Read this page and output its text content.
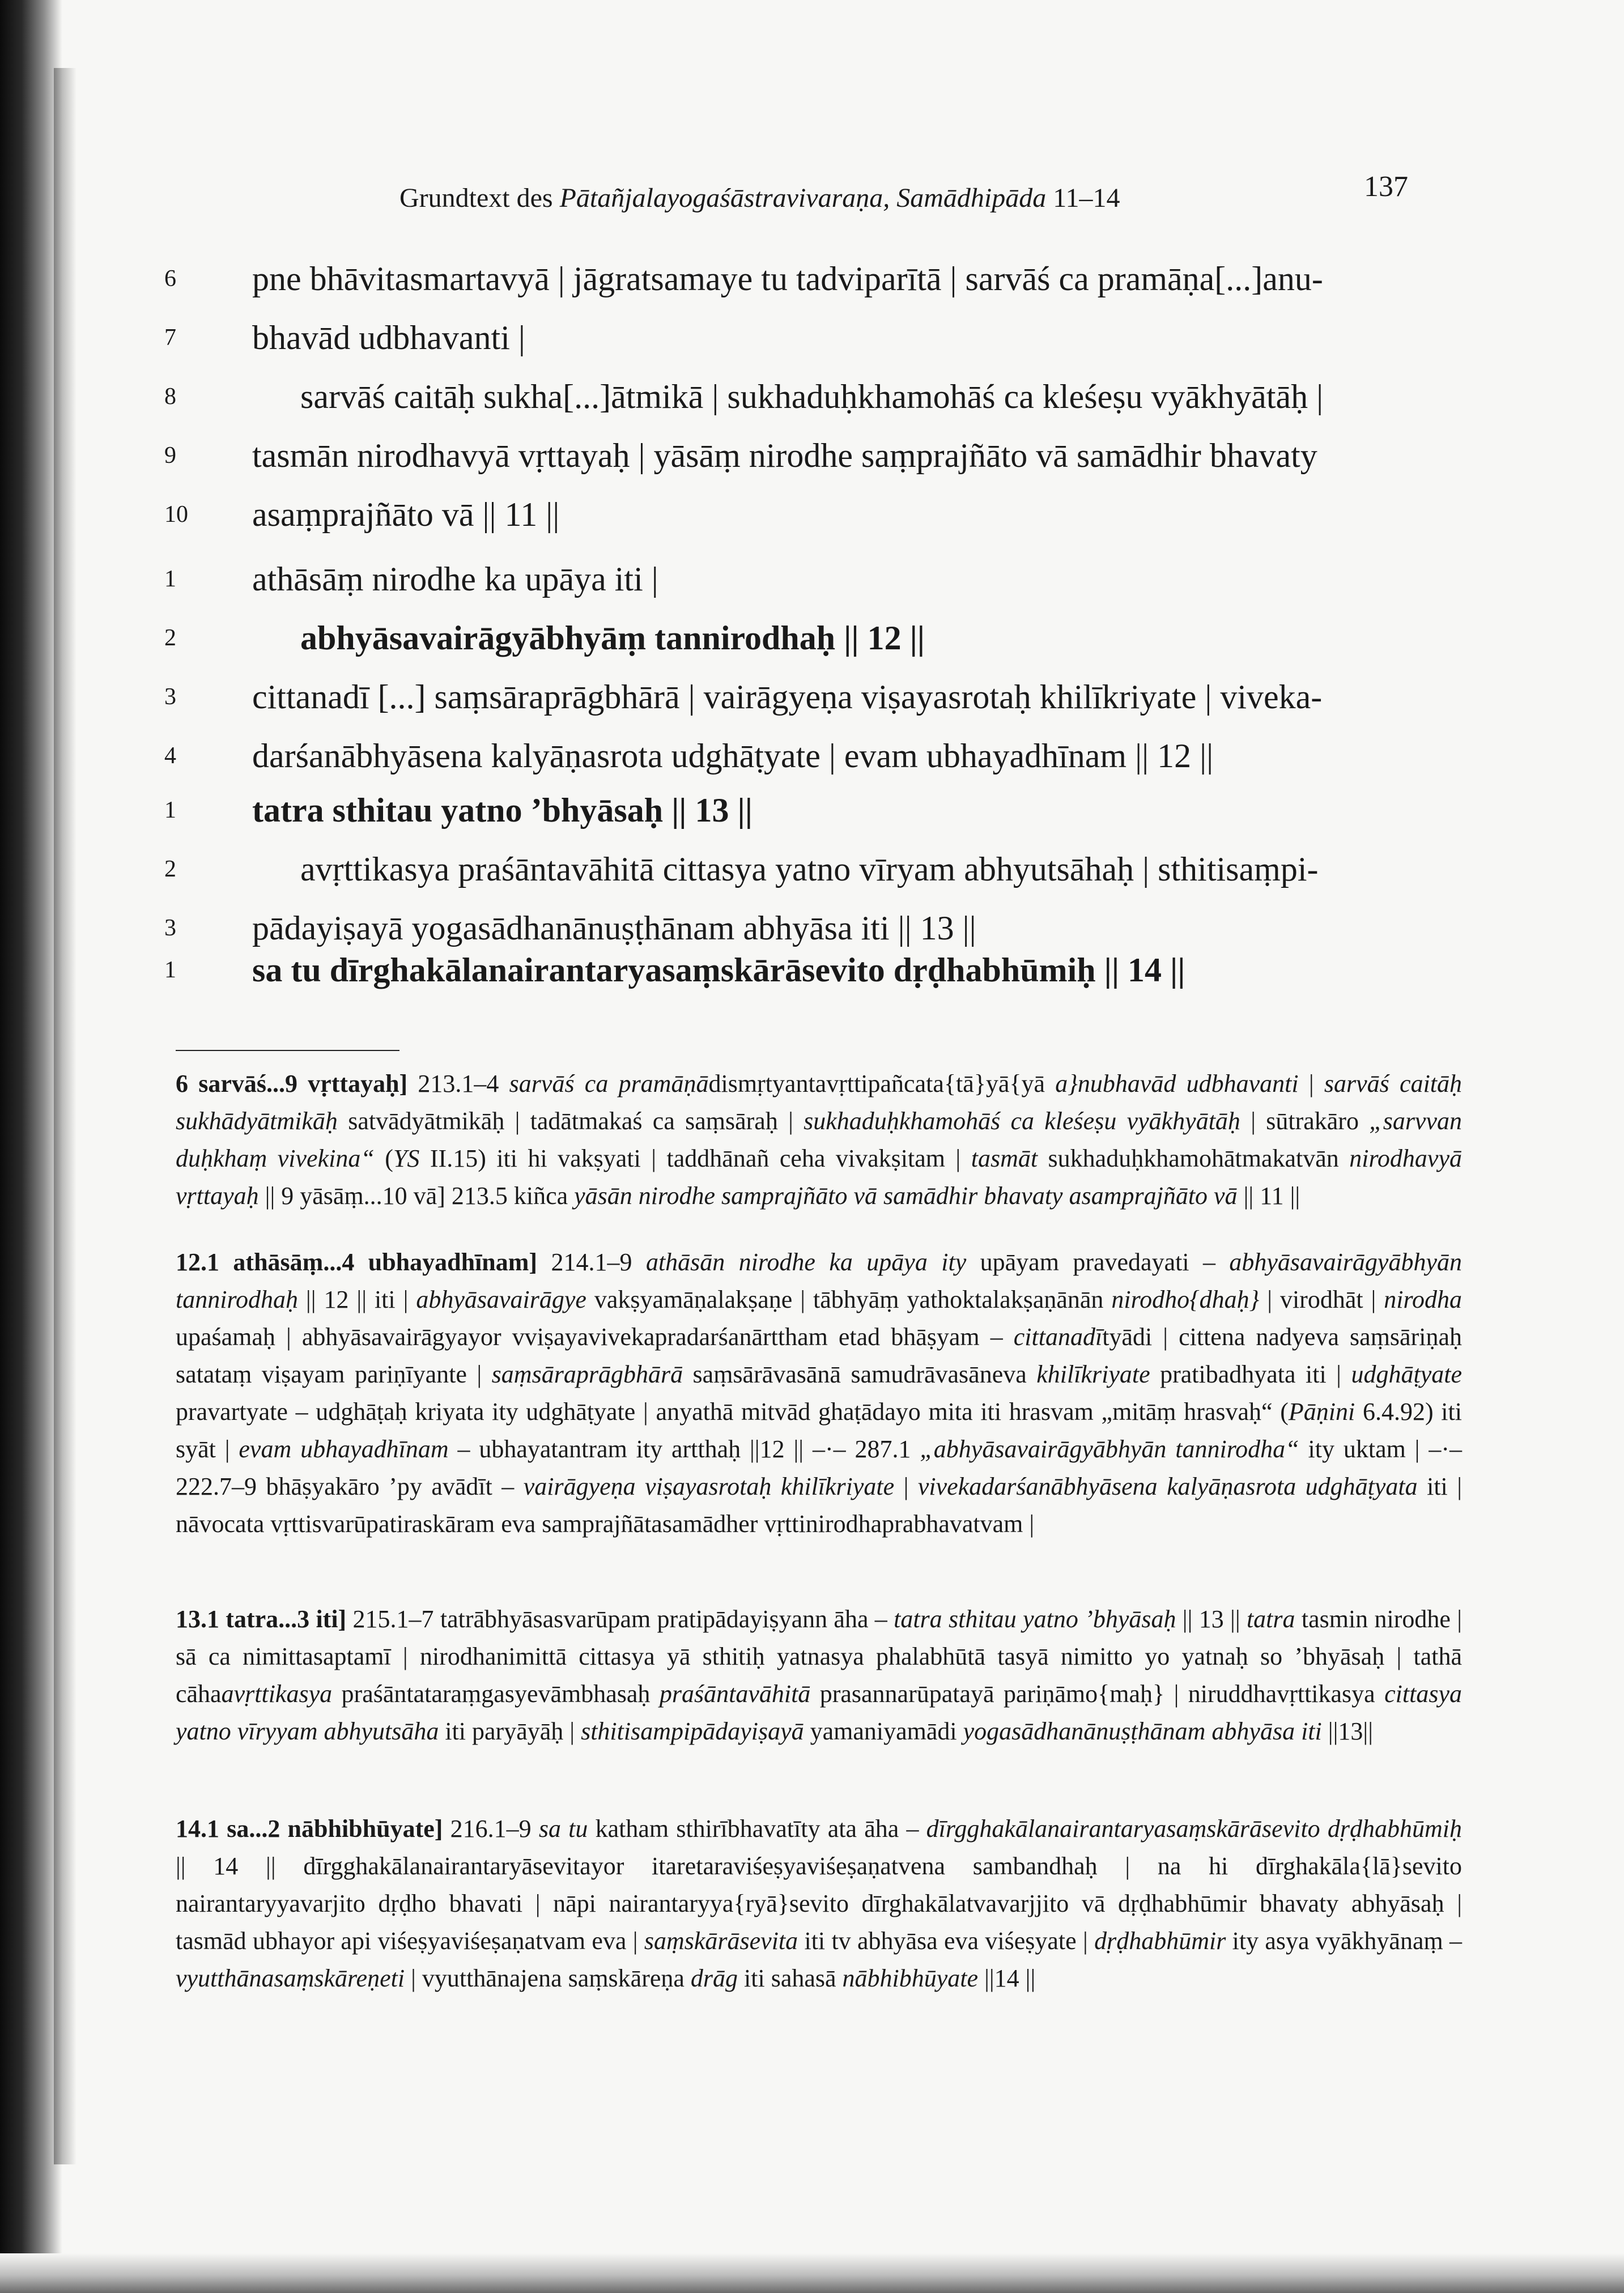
Grundtext des Pātañjalayogaśāstravivaraṇa, Samādhipāda 11–14	137
6	pne bhāvitasmartavyā | jāgratsamaye tu tadviparītā | sarvāś ca pramāṇa[...]anu-
7	bhavād udbhavanti |
8	sarvāś caitāḥ sukha[...]ātmikā | sukhaduḥkhamohāś ca kleśeṣu vyākhyātāḥ |
9	tasmān nirodhavyā vṛttayaḥ | yāsāṃ nirodhe saṃprajñāto vā samādhir bhavaty
10	asaṃprajñāto vā || 11 ||
1	athāsāṃ nirodhe ka upāya iti |
2	abhyāsavairāgyābhyāṃ tannirodhaḥ || 12 ||
3	cittanadī [...] saṃsāraprāgbhārā | vairāgyeṇa viṣayasrotaḥ khilīkriyate | viveka-
4	darśanābhyāsena kalyāṇasrota udghāṭyate | evam ubhayadhīnam || 12 ||
1	tatra sthitau yatno ’bhyāsaḥ || 13 ||
2	avṛttikasya praśāntavāhitā cittasya yatno vīryam abhyutsāhaḥ | sthitisaṃpi-
3	pādayiṣayā yogasādhanānuṣṭhānam abhyāsa iti || 13 ||
1	sa tu dīrghakālanairantaryasaṃskārāsevito dṛḍhabhūmiḥ || 14 ||
6 sarvāś...9 vṛttayaḥ] 213.1–4 sarvāś ca pramāṇādismṛtyantavṛttipañcata{tā}yā{yā a}nubhavād udbhavanti | sarvāś caitāḥ sukhādyātmikāḥ satvādyātmikāḥ | tadātmakaś ca saṃsāraḥ | sukhaduḥkhamohāś ca kleśeṣu vyākhyātāḥ | sūtrakāro „sarvvan duḥkhaṃ vivekina“ (YS II.15) iti hi vakṣyati | taddhānañ ceha vivakṣitam | tasmāt sukhaduḥkhamohātmakatvān nirodhavyā vṛttayaḥ || 9 yāsāṃ...10 vā] 213.5 kiñca yāsān nirodhe samprajñāto vā samādhir bhavaty asamprajñāto vā || 11 ||
12.1 athāsāṃ...4 ubhayadhīnam] 214.1–9 athāsān nirodhe ka upāya ity upāyam pravedayati – abhyāsavairāgyābhyān tannirodhaḥ || 12 || iti | abhyāsavairāgye vakṣyamāṇalakṣaṇe | tābhyāṃ yathoktalakṣaṇānān nirodho{dhaḥ} | virodhāt | nirodha upaśamaḥ | abhyāsavairāgyayor vviṣayavivekapradarśanārttham etad bhāṣyam – cittanadītyādi | cittena nadyeva saṃsāriṇaḥ satataṃ viṣayam pariṇīyante | saṃsāraprāgbhārā saṃsārāvasānā samudrāvasāneva khilīkriyate pratibadhyata iti | udghāṭyate pravartyate – udghāṭaḥ kriyata ity udghāṭyate | anyathā mitvād ghaṭādayo mita iti hrasvam „mitāṃ hrasvaḥ“ (Pāṇini 6.4.92) iti syāt | evam ubhayadhīnam – ubhayatantram ity artthaḥ ||12 || –·– 287.1 „abhyāsavairāgyābhyān tannirodha“ ity uktam | –·– 222.7–9 bhāṣyakāro ’py avādīt – vairāgyeṇa viṣayasrotaḥ khilīkriyate | vivekadarśanābhyāsena kalyāṇasrota udghāṭyata iti | nāvocata vṛttisvarūpatiraskāram eva samprajñātasamādher vṛttinirodhaprabhavatvam |
13.1 tatra...3 iti] 215.1–7 tatrābhyāsasvarūpam pratipādayiṣyann āha – tatra sthitau yatno ’bhyāsaḥ || 13 || tatra tasmin nirodhe | sā ca nimittasaptamī | nirodhanimittā cittasya yā sthitiḥ yatnasya phalabhūtā tasyā nimitto yo yatnaḥ so ’bhyāsaḥ | tathā cāhaavṛttikasya praśāntataraṃgasyevāmbhasaḥ praśāntavāhitā prasannarūpatayā pariṇāmo{maḥ} | niruddhavṛttikasya cittasya yatno vīryyam abhyutsāha iti paryāyāḥ | sthitisampipādayiṣayā yamaniyamādi yogasādhanānuṣṭhānam abhyāsa iti ||13||
14.1 sa...2 nābhibhūyate] 216.1–9 sa tu katham sthirībhavatīty ata āha – dīrgghakālanairantaryasaṃskārāsevito dṛḍhabhūmiḥ || 14 || dīrgghakālanairantaryāsevitayor itaretaraviśeṣyaviśeṣaṇatvena sambandhaḥ | na hi dīrghakāla{lā}sevito nairantaryyavarjito dṛḍho bhavati | nāpi nairantaryya{ryā}sevito dīrghakālatvavarjjito vā dṛḍhabhūmir bhavaty abhyāsaḥ | tasmād ubhayor api viśeṣyaviśeṣaṇatvam eva | saṃskārāsevita iti tv abhyāsa eva viśeṣyate | dṛḍhabhūmir ity asya vyākhyānaṃ – vyutthānasaṃskāreṇeti | vyutthānajena saṃskāreṇa drāg iti sahasā nābhibhūyate ||14 ||
